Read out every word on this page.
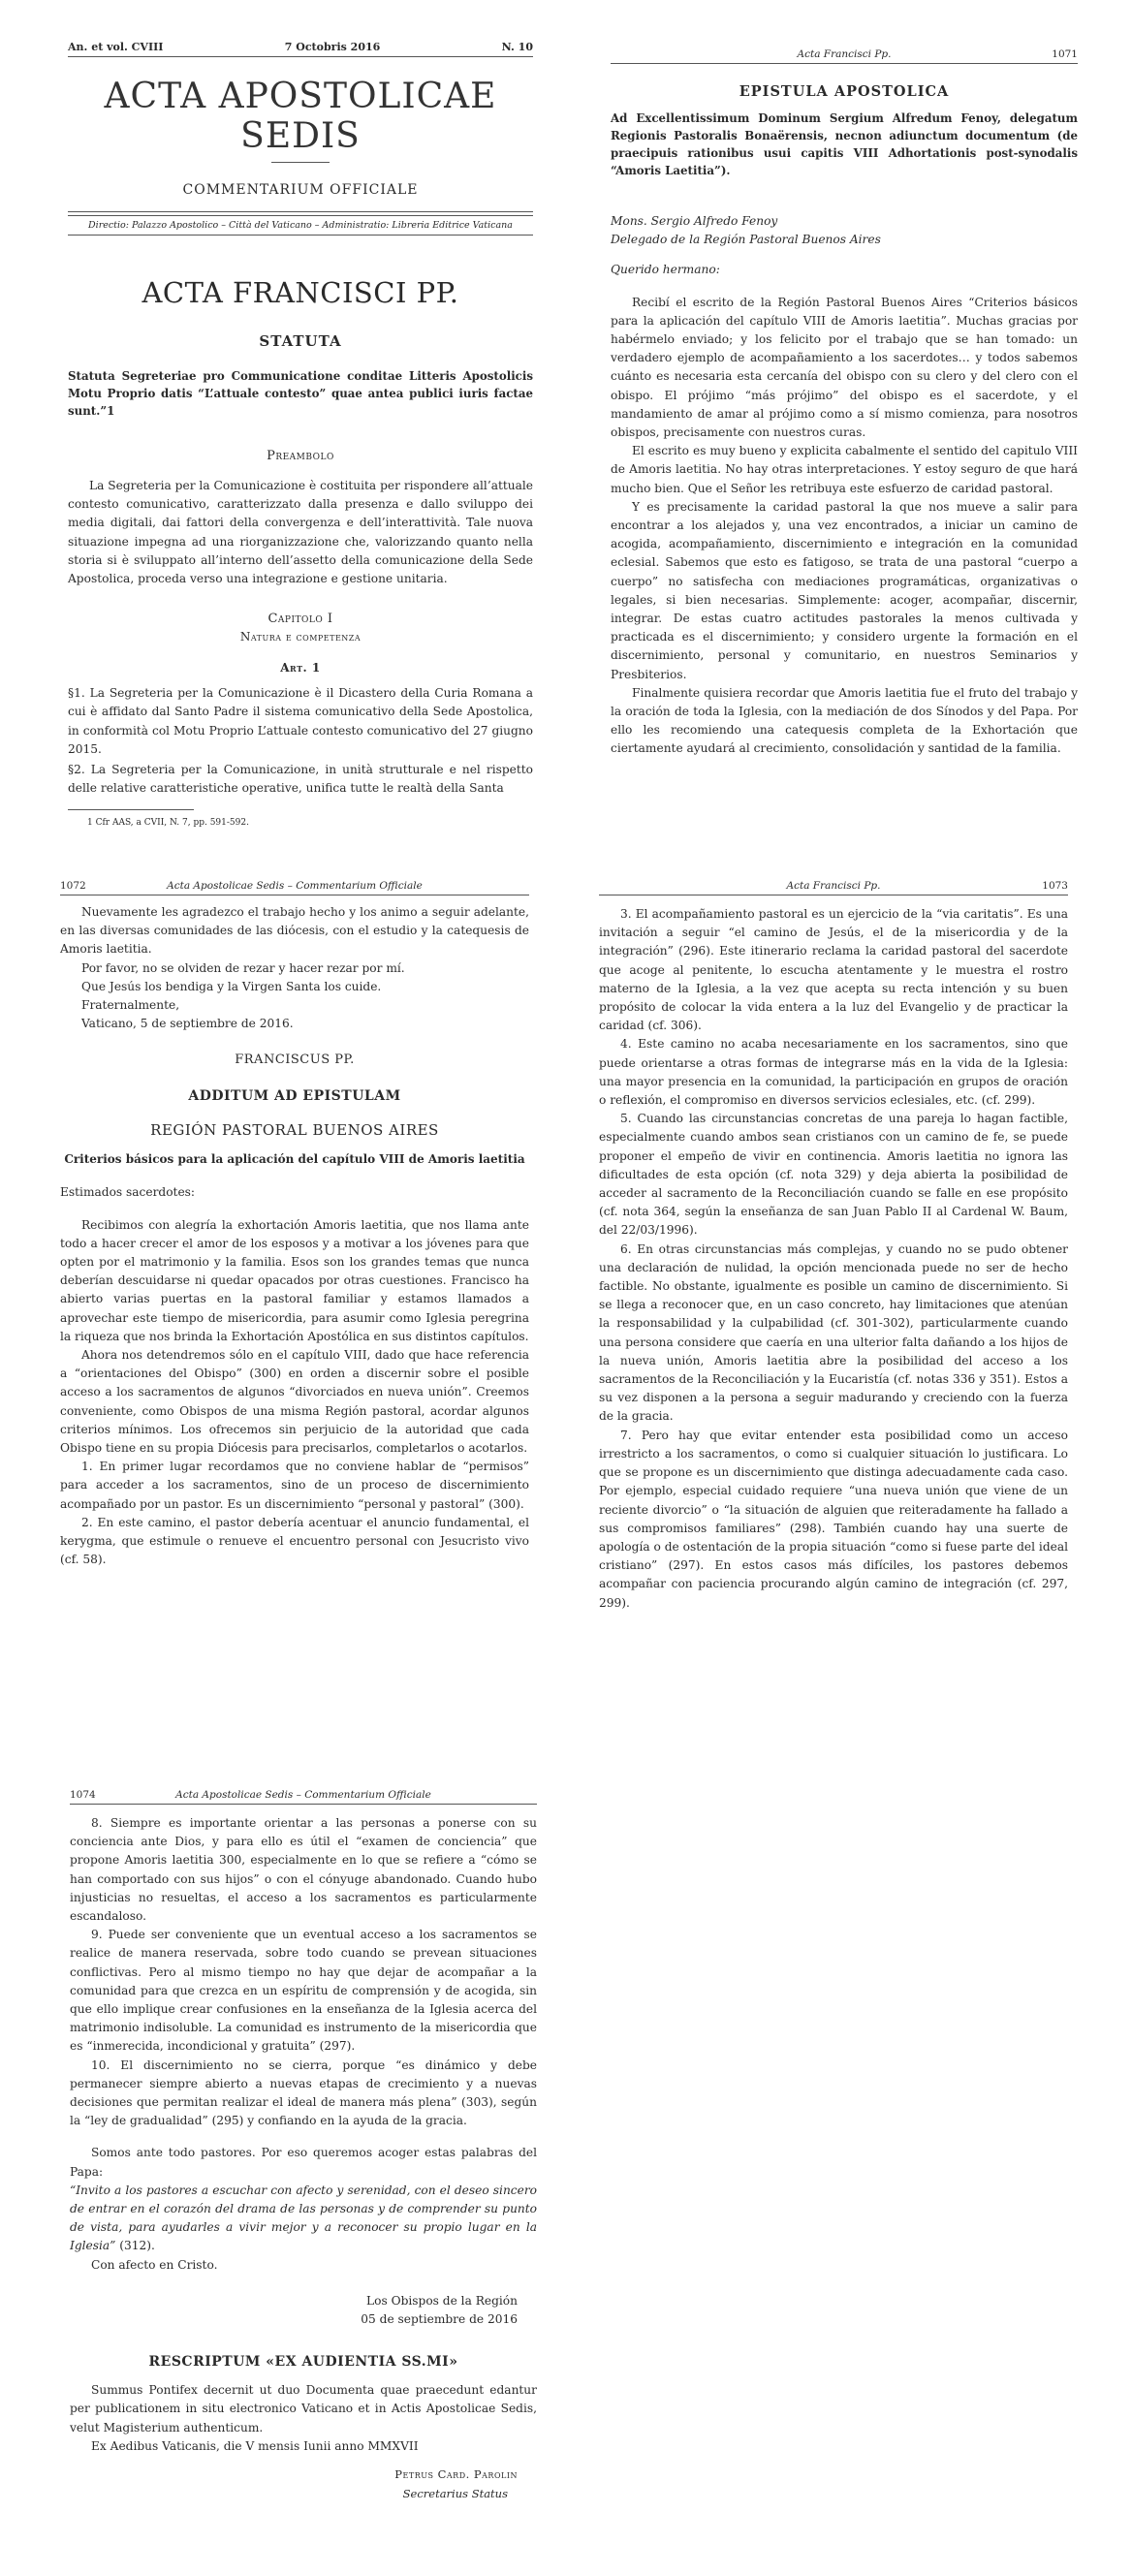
An. et vol. CVIII	7 Octobris 2016	N. 10
ACTA APOSTOLICAE SEDIS
COMMENTARIUM OFFICIALE
Directio: Palazzo Apostolico – Città del Vaticano – Administratio: Libreria Editrice Vaticana
ACTA FRANCISCI PP.
STATUTA

Statuta Segreteriae pro Communicatione conditae Litteris Apostolicis Motu Proprio datis “L’attuale contesto” quae antea publici iuris factae sunt.”1

Preambolo

La Segreteria per la Comunicazione è costituita per rispondere all’attuale contesto comunicativo, caratterizzato dalla presenza e dallo sviluppo dei media digitali, dai fattori della convergenza e dell’interattività. Tale nuova situazione impegna ad una riorganizzazione che, valorizzando quanto nella storia si è sviluppato all’interno dell’assetto della comunicazione della Sede Apostolica, proceda verso una integrazione e gestione unitaria.

Capitolo I
Natura e competenza
Art. 1

§1. La Segreteria per la Comunicazione è il Dicastero della Curia Romana a cui è affidato dal Santo Padre il sistema comunicativo della Sede Apostolica, in conformità col Motu Proprio L’attuale contesto comunicativo del 27 giugno 2015.

§2. La Segreteria per la Comunicazione, in unità strutturale e nel rispetto delle relative caratteristiche operative, unifica tutte le realtà della Santa

1 Cfr AAS, a CVII, N. 7, pp. 591-592.

Acta Francisci Pp.	1071
EPISTULA APOSTOLICA

Ad Excellentissimum Dominum Sergium Alfredum Fenoy, delegatum Regionis Pastoralis Bonaërensis, necnon adiunctum documentum (de praecipuis rationibus usui capitis VIII Adhortationis post-synodalis “Amoris Laetitia”).

Mons. Sergio Alfredo Fenoy

Delegado de la Región Pastoral Buenos Aires

Querido hermano:

Recibí el escrito de la Región Pastoral Buenos Aires “Criterios básicos para la aplicación del capítulo VIII de Amoris laetitia”. Muchas gracias por habérmelo enviado; y los felicito por el trabajo que se han tomado: un verdadero ejemplo de acompañamiento a los sacerdotes… y todos sabemos cuánto es necesaria esta cercanía del obispo con su clero y del clero con el obispo. El prójimo “más prójimo” del obispo es el sacerdote, y el mandamiento de amar al prójimo como a sí mismo comienza, para nosotros obispos, precisamente con nuestros curas.

El escrito es muy bueno y explicita cabalmente el sentido del capitulo VIII de Amoris laetitia. No hay otras interpretaciones. Y estoy seguro de que hará mucho bien. Que el Señor les retribuya este esfuerzo de caridad pastoral.

Y es precisamente la caridad pastoral la que nos mueve a salir para encontrar a los alejados y, una vez encontrados, a iniciar un camino de acogida, acompañamiento, discernimiento e integración en la comunidad eclesial. Sabemos que esto es fatigoso, se trata de una pastoral “cuerpo a cuerpo” no satisfecha con mediaciones programáticas, organizativas o legales, si bien necesarias. Simplemente: acoger, acompañar, discernir, integrar. De estas cuatro actitudes pastorales la menos cultivada y practicada es el discernimiento; y considero urgente la formación en el discernimiento, personal y comunitario, en nuestros Seminarios y Presbiterios.

Finalmente quisiera recordar que Amoris laetitia fue el fruto del trabajo y la oración de toda la Iglesia, con la mediación de dos Sínodos y del Papa. Por ello les recomiendo una catequesis completa de la Exhortación que ciertamente ayudará al crecimiento, consolidación y santidad de la familia.

1072	Acta Apostolicae Sedis – Commentarium Officiale

Nuevamente les agradezco el trabajo hecho y los animo a seguir adelante, en las diversas comunidades de las diócesis, con el estudio y la catequesis de Amoris laetitia.

Por favor, no se olviden de rezar y hacer rezar por mí.

Que Jesús los bendiga y la Virgen Santa los cuide.

Fraternalmente,

Vaticano, 5 de septiembre de 2016.

FRANCISCUS PP.
ADDITUM AD EPISTULAM
REGIÓN PASTORAL BUENOS AIRES
Criterios básicos para la aplicación del capítulo VIII de Amoris laetitia

Estimados sacerdotes:

Recibimos con alegría la exhortación Amoris laetitia, que nos llama ante todo a hacer crecer el amor de los esposos y a motivar a los jóvenes para que opten por el matrimonio y la familia. Esos son los grandes temas que nunca deberían descuidarse ni quedar opacados por otras cuestiones. Francisco ha abierto varias puertas en la pastoral familiar y estamos llamados a aprovechar este tiempo de misericordia, para asumir como Iglesia peregrina la riqueza que nos brinda la Exhortación Apostólica en sus distintos capítulos.

Ahora nos detendremos sólo en el capítulo VIII, dado que hace referencia a “orientaciones del Obispo” (300) en orden a discernir sobre el posible acceso a los sacramentos de algunos “divorciados en nueva unión”. Creemos conveniente, como Obispos de una misma Región pastoral, acordar algunos criterios mínimos. Los ofrecemos sin perjuicio de la autoridad que cada Obispo tiene en su propia Diócesis para precisarlos, completarlos o acotarlos.

1. En primer lugar recordamos que no conviene hablar de “permisos” para acceder a los sacramentos, sino de un proceso de discernimiento acompañado por un pastor. Es un discernimiento “personal y pastoral” (300).

2. En este camino, el pastor debería acentuar el anuncio fundamental, el kerygma, que estimule o renueve el encuentro personal con Jesucristo vivo (cf. 58).

Acta Francisci Pp.	1073

3. El acompañamiento pastoral es un ejercicio de la “via caritatis”. Es una invitación a seguir “el camino de Jesús, el de la misericordia y de la integración” (296). Este itinerario reclama la caridad pastoral del sacerdote que acoge al penitente, lo escucha atentamente y le muestra el rostro materno de la Iglesia, a la vez que acepta su recta intención y su buen propósito de colocar la vida entera a la luz del Evangelio y de practicar la caridad (cf. 306).

4. Este camino no acaba necesariamente en los sacramentos, sino que puede orientarse a otras formas de integrarse más en la vida de la Iglesia: una mayor presencia en la comunidad, la participación en grupos de oración o reflexión, el compromiso en diversos servicios eclesiales, etc. (cf. 299).

5. Cuando las circunstancias concretas de una pareja lo hagan factible, especialmente cuando ambos sean cristianos con un camino de fe, se puede proponer el empeño de vivir en continencia. Amoris laetitia no ignora las dificultades de esta opción (cf. nota 329) y deja abierta la posibilidad de acceder al sacramento de la Reconciliación cuando se falle en ese propósito (cf. nota 364, según la enseñanza de san Juan Pablo II al Cardenal W. Baum, del 22/03/1996).

6. En otras circunstancias más complejas, y cuando no se pudo obtener una declaración de nulidad, la opción mencionada puede no ser de hecho factible. No obstante, igualmente es posible un camino de discernimiento. Si se llega a reconocer que, en un caso concreto, hay limitaciones que atenúan la responsabilidad y la culpabilidad (cf. 301-302), particularmente cuando una persona considere que caería en una ulterior falta dañando a los hijos de la nueva unión, Amoris laetitia abre la posibilidad del acceso a los sacramentos de la Reconciliación y la Eucaristía (cf. notas 336 y 351). Estos a su vez disponen a la persona a seguir madurando y creciendo con la fuerza de la gracia.

7. Pero hay que evitar entender esta posibilidad como un acceso irrestricto a los sacramentos, o como si cualquier situación lo justificara. Lo que se propone es un discernimiento que distinga adecuadamente cada caso. Por ejemplo, especial cuidado requiere “una nueva unión que viene de un reciente divorcio” o “la situación de alguien que reiteradamente ha fallado a sus compromisos familiares” (298). También cuando hay una suerte de apología o de ostentación de la propia situación “como si fuese parte del ideal cristiano” (297). En estos casos más difíciles, los pastores debemos acompañar con paciencia procurando algún camino de integración (cf. 297, 299).

1074	Acta Apostolicae Sedis – Commentarium Officiale

8. Siempre es importante orientar a las personas a ponerse con su conciencia ante Dios, y para ello es útil el “examen de conciencia” que propone Amoris laetitia 300, especialmente en lo que se refiere a “cómo se han comportado con sus hijos” o con el cónyuge abandonado. Cuando hubo injusticias no resueltas, el acceso a los sacramentos es particularmente escandaloso.

9. Puede ser conveniente que un eventual acceso a los sacramentos se realice de manera reservada, sobre todo cuando se prevean situaciones conflictivas. Pero al mismo tiempo no hay que dejar de acompañar a la comunidad para que crezca en un espíritu de comprensión y de acogida, sin que ello implique crear confusiones en la enseñanza de la Iglesia acerca del matrimonio indisoluble. La comunidad es instrumento de la misericordia que es “inmerecida, incondicional y gratuita” (297).

10. El discernimiento no se cierra, porque “es dinámico y debe permanecer siempre abierto a nuevas etapas de crecimiento y a nuevas decisiones que permitan realizar el ideal de manera más plena” (303), según la “ley de gradualidad” (295) y confiando en la ayuda de la gracia.

Somos ante todo pastores. Por eso queremos acoger estas palabras del Papa:

“Invito a los pastores a escuchar con afecto y serenidad, con el deseo sincero de entrar en el corazón del drama de las personas y de comprender su punto de vista, para ayudarles a vivir mejor y a reconocer su propio lugar en la Iglesia” (312).

Con afecto en Cristo.

Los Obispos de la Región

05 de septiembre de 2016

RESCRIPTUM «EX AUDIENTIA SS.MI»

Summus Pontifex decernit ut duo Documenta quae praecedunt edantur per publicationem in situ electronico Vaticano et in Actis Apostolicae Sedis, velut Magisterium authenticum.

Ex Aedibus Vaticanis, die V mensis Iunii anno MMXVII

Petrus Card. Parolin

Secretarius Status
